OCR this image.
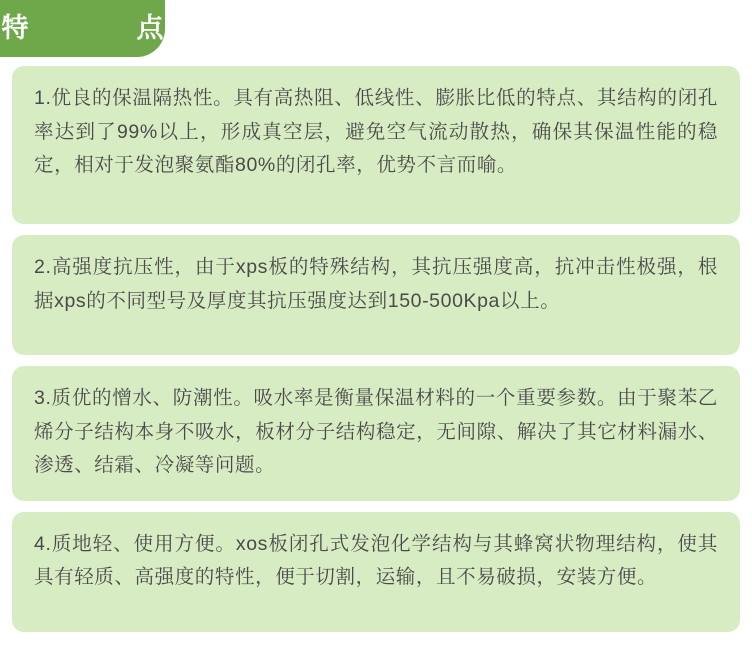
特　　点

1.优良的保温隔热性。具有高热阻、低线性、膨胀比低的特点、其结构的闭孔率达到了99%以上，形成真空层，避免空气流动散热，确保其保温性能的稳定，相对于发泡聚氨酯80%的闭孔率，优势不言而喻。

2.高强度抗压性，由于xps板的特殊结构，其抗压强度高，抗冲击性极强，根据xps的不同型号及厚度其抗压强度达到150-500Kpa以上。

3.质优的憎水、防潮性。吸水率是衡量保温材料的一个重要参数。由于聚苯乙烯分子结构本身不吸水，板材分子结构稳定，无间隙、解决了其它材料漏水、渗透、结霜、冷凝等问题。

4.质地轻、使用方便。xos板闭孔式发泡化学结构与其蜂窝状物理结构，使其具有轻质、高强度的特性，便于切割，运输，且不易破损，安装方便。
